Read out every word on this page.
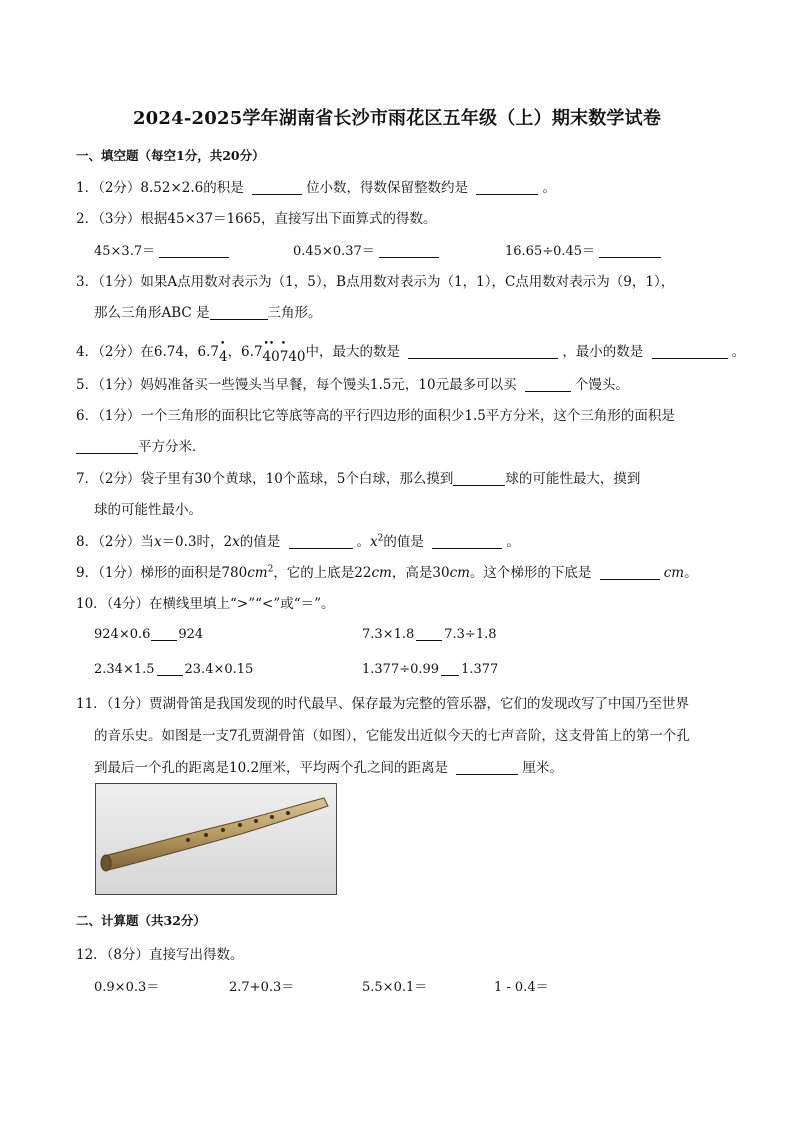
2024-2025学年湖南省长沙市雨花区五年级（上）期末数学试卷
一、填空题（每空1分，共20分）
1．（2分）8.52×2.6的积是	位小数，得数保留整数约是	。
2．（3分）根据45×37＝1665，直接写出下面算式的得数。
45×3.7＝	0.45×0.37＝	16.65÷0.45＝
3．（1分）如果A点用数对表示为（1，5），B点用数对表示为（1，1），C点用数对表示为（9，1），
那么三角形ABC 是	三角形。
4．（2分）在6.74，6.7 •
4，6.7 ••
40
•
740中，最大的数是	，最小的数是	。
5．（1分）妈妈准备买一些馒头当早餐，每个馒头1.5元，10元最多可以买	个馒头。
6．（1分）一个三角形的面积比它等底等高的平行四边形的面积少1.5平方分米，这个三角形的面积是
平方分米．
7．（2分）袋子里有30个黄球，10个蓝球，5个白球，那么摸到	球的可能性最大，摸到
球的可能性最小。
8．（2分）当x＝0.3时，2x的值是	。$x^2$的值是	。
9．（1分）梯形的面积是$780cm^2$，它的上底是22cm，高是30cm。这个梯形的下底是	cm。
10．（4分）在横线里填上“>”“<”或“＝”。
924×0.6 924	7.3×1.8 7.3÷1.8
2.34×1.5 23.4×0.15	1.377÷0.99 1.377
11．（1分）贾湖骨笛是我国发现的时代最早、保存最为完整的管乐器，它们的发现改写了中国乃至世界
的音乐史。如图是一支7孔贾湖骨笛（如图），它能发出近似今天的七声音阶，这支骨笛上的第一个孔
到最后一个孔的距离是10.2厘米，平均两个孔之间的距离是	厘米。
二、计算题（共32分）
12．（8分）直接写出得数。
0.9×0.3＝	2.7+0.3＝	5.5×0.1＝	1 - 0.4＝
